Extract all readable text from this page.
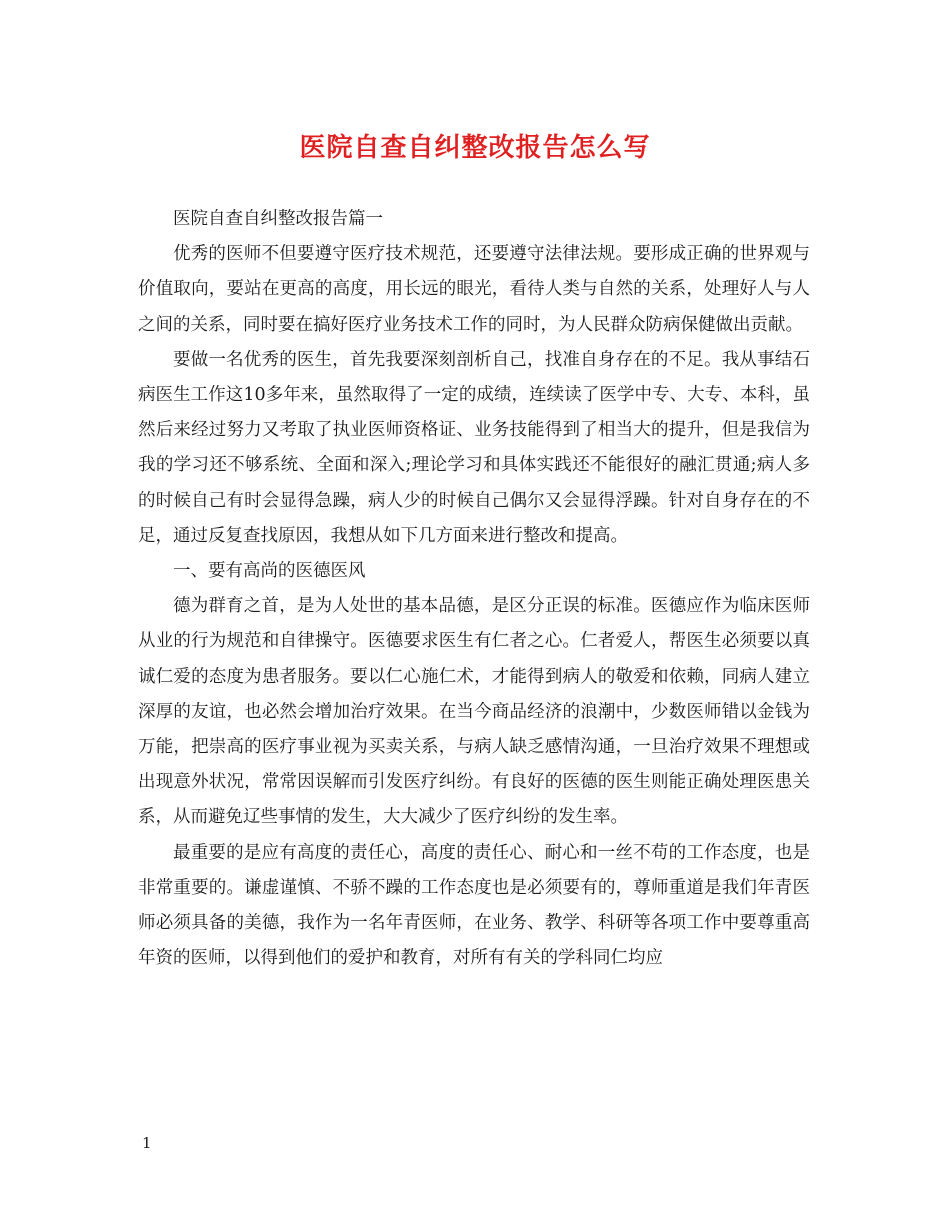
医院自查自纠整改报告怎么写

医院自查自纠整改报告篇一

优秀的医师不但要遵守医疗技术规范，还要遵守法律法规。要形成正确的世界观与价值取向，要站在更高的高度，用长远的眼光，看待人类与自然的关系，处理好人与人之间的关系，同时要在搞好医疗业务技术工作的同时，为人民群众防病保健做出贡献。

要做一名优秀的医生，首先我要深刻剖析自己，找准自身存在的不足。我从事结石病医生工作这10多年来，虽然取得了一定的成绩，连续读了医学中专、大专、本科，虽然后来经过努力又考取了执业医师资格证、业务技能得到了相当大的提升，但是我信为我的学习还不够系统、全面和深入;理论学习和具体实践还不能很好的融汇贯通;病人多的时候自己有时会显得急躁，病人少的时候自己偶尔又会显得浮躁。针对自身存在的不足，通过反复查找原因，我想从如下几方面来进行整改和提高。

一、要有高尚的医德医风

德为群育之首，是为人处世的基本品德，是区分正误的标准。医德应作为临床医师从业的行为规范和自律操守。医德要求医生有仁者之心。仁者爱人，帮医生必须要以真诚仁爱的态度为患者服务。要以仁心施仁术，才能得到病人的敬爱和依赖，同病人建立深厚的友谊，也必然会增加治疗效果。在当今商品经济的浪潮中，少数医师错以金钱为万能，把崇高的医疗事业视为买卖关系，与病人缺乏感情沟通，一旦治疗效果不理想或出现意外状况，常常因误解而引发医疗纠纷。有良好的医德的医生则能正确处理医患关系，从而避免辽些事情的发生，大大减少了医疗纠纷的发生率。

最重要的是应有高度的责任心，高度的责任心、耐心和一丝不苟的工作态度，也是非常重要的。谦虚谨慎、不骄不躁的工作态度也是必须要有的，尊师重道是我们年青医师必须具备的美德，我作为一名年青医师，在业务、教学、科研等各项工作中要尊重高年资的医师，以得到他们的爱护和教育，对所有有关的学科同仁均应

1
